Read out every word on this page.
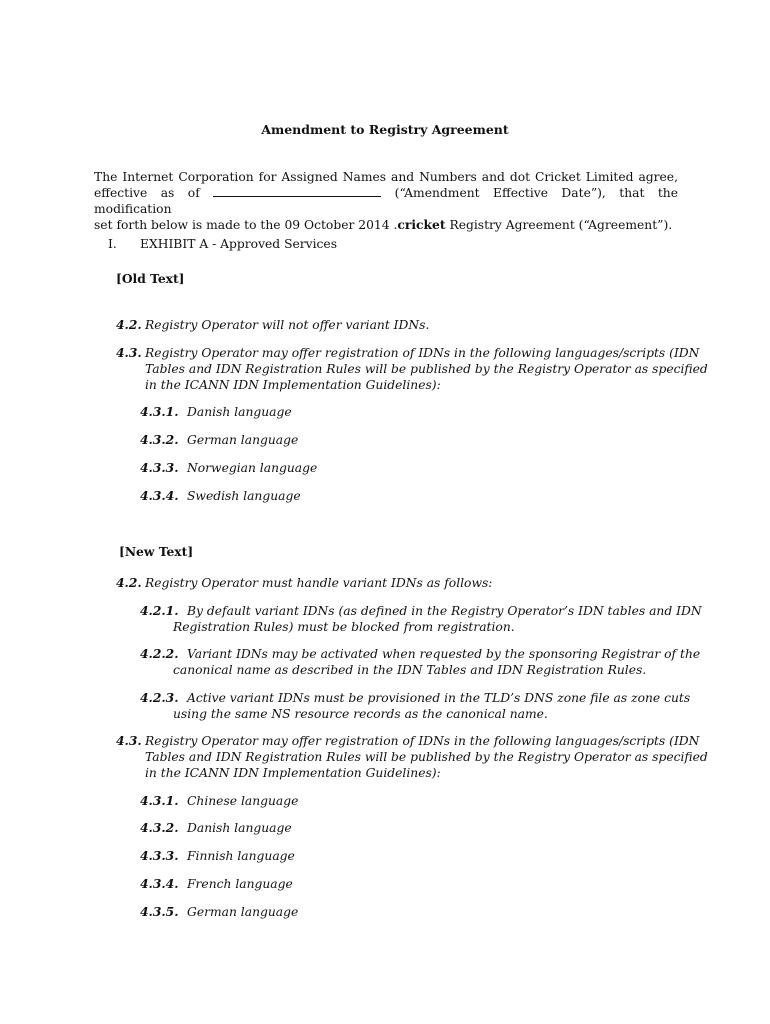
Amendment to Registry Agreement
The Internet Corporation for Assigned Names and Numbers and dot Cricket Limited agree,
effective as of	(“Amendment Effective Date”), that the modification
set forth below is made to the 09 October 2014 .cricket Registry Agreement (“Agreement”).
I. EXHIBIT A - Approved Services
[Old Text]
4.2. Registry Operator will not offer variant IDNs.
4.3. Registry Operator may offer registration of IDNs in the following languages/scripts (IDN
Tables and IDN Registration Rules will be published by the Registry Operator as specified
in the ICANN IDN Implementation Guidelines):
4.3.1. Danish language
4.3.2. German language
4.3.3. Norwegian language
4.3.4. Swedish language
[New Text]
4.2. Registry Operator must handle variant IDNs as follows:
4.2.1. By default variant IDNs (as defined in the Registry Operator’s IDN tables and IDN
Registration Rules) must be blocked from registration.
4.2.2. Variant IDNs may be activated when requested by the sponsoring Registrar of the
canonical name as described in the IDN Tables and IDN Registration Rules.
4.2.3. Active variant IDNs must be provisioned in the TLD’s DNS zone file as zone cuts
using the same NS resource records as the canonical name.
4.3. Registry Operator may offer registration of IDNs in the following languages/scripts (IDN
Tables and IDN Registration Rules will be published by the Registry Operator as specified
in the ICANN IDN Implementation Guidelines):
4.3.1. Chinese language
4.3.2. Danish language
4.3.3. Finnish language
4.3.4. French language
4.3.5. German language
